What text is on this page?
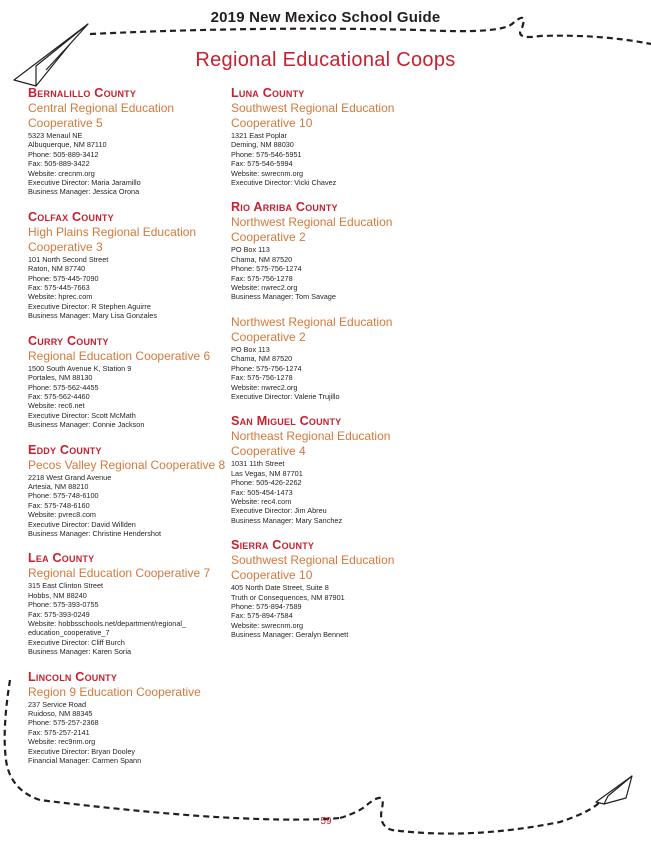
2019 New Mexico School Guide
Regional Educational Coops
Bernalillo County
Central Regional Education
Cooperative 5
5323 Menaul NE
Albuquerque, NM 87110
Phone: 505-889-3412
Fax: 505-889-3422
Website: crecnm.org
Executive Director: Maria Jaramillo
Business Manager: Jessica Orona
Colfax County
High Plains Regional Education
Cooperative 3
101 North Second Street
Raton, NM 87740
Phone: 575-445-7090
Fax: 575-445-7663
Website: hprec.com
Executive Director: R Stephen Aguirre
Business Manager: Mary Lisa Gonzales
Curry County
Regional Education Cooperative 6
1500 South Avenue K, Station 9
Portales, NM 88130
Phone: 575-562-4455
Fax: 575-562-4460
Website: rec6.net
Executive Director: Scott McMath
Business Manager: Connie Jackson
Eddy County
Pecos Valley Regional Cooperative 8
2218 West Grand Avenue
Artesia, NM 88210
Phone: 575-748-6100
Fax: 575-748-6160
Website: pvrec8.com
Executive Director: David Willden
Business Manager: Christine Hendershot
Lea County
Regional Education Cooperative 7
315 East Clinton Street
Hobbs, NM 88240
Phone: 575-393-0755
Fax: 575-393-0249
Website: hobbsschools.net/department/regional_
education_cooperative_7
Executive Director: Cliff Burch
Business Manager: Karen Soria
Lincoln County
Region 9 Education Cooperative
237 Service Road
Ruidoso, NM 88345
Phone: 575-257-2368
Fax: 575-257-2141
Website: rec9nm.org
Executive Director: Bryan Dooley
Financial Manager: Carmen Spann
Luna County
Southwest Regional Education
Cooperative 10
1321 East Poplar
Deming, NM 88030
Phone: 575-546-5951
Fax: 575-546-5994
Website: swrecnm.org
Executive Director: Vicki Chavez
Rio Arriba County
Northwest Regional Education
Cooperative 2
PO Box 113
Chama, NM 87520
Phone: 575-756-1274
Fax: 575-756-1278
Website: nwrec2.org
Business Manager: Tom Savage
Northwest Regional Education
Cooperative 2
PO Box 113
Chama, NM 87520
Phone: 575-756-1274
Fax: 575-756-1278
Website: nwrec2.org
Executive Director: Valerie Trujillo
San Miguel County
Northeast Regional Education
Cooperative 4
1031 11th Street
Las Vegas, NM 87701
Phone: 505-426-2262
Fax: 505-454-1473
Website: rec4.com
Executive Director: Jim Abreu
Business Manager: Mary Sanchez
Sierra County
Southwest Regional Education
Cooperative 10
405 North Date Street, Suite 8
Truth or Consequences, NM 87901
Phone: 575-894-7589
Fax: 575-894-7584
Website: swrecnm.org
Business Manager: Geralyn Bennett
59
